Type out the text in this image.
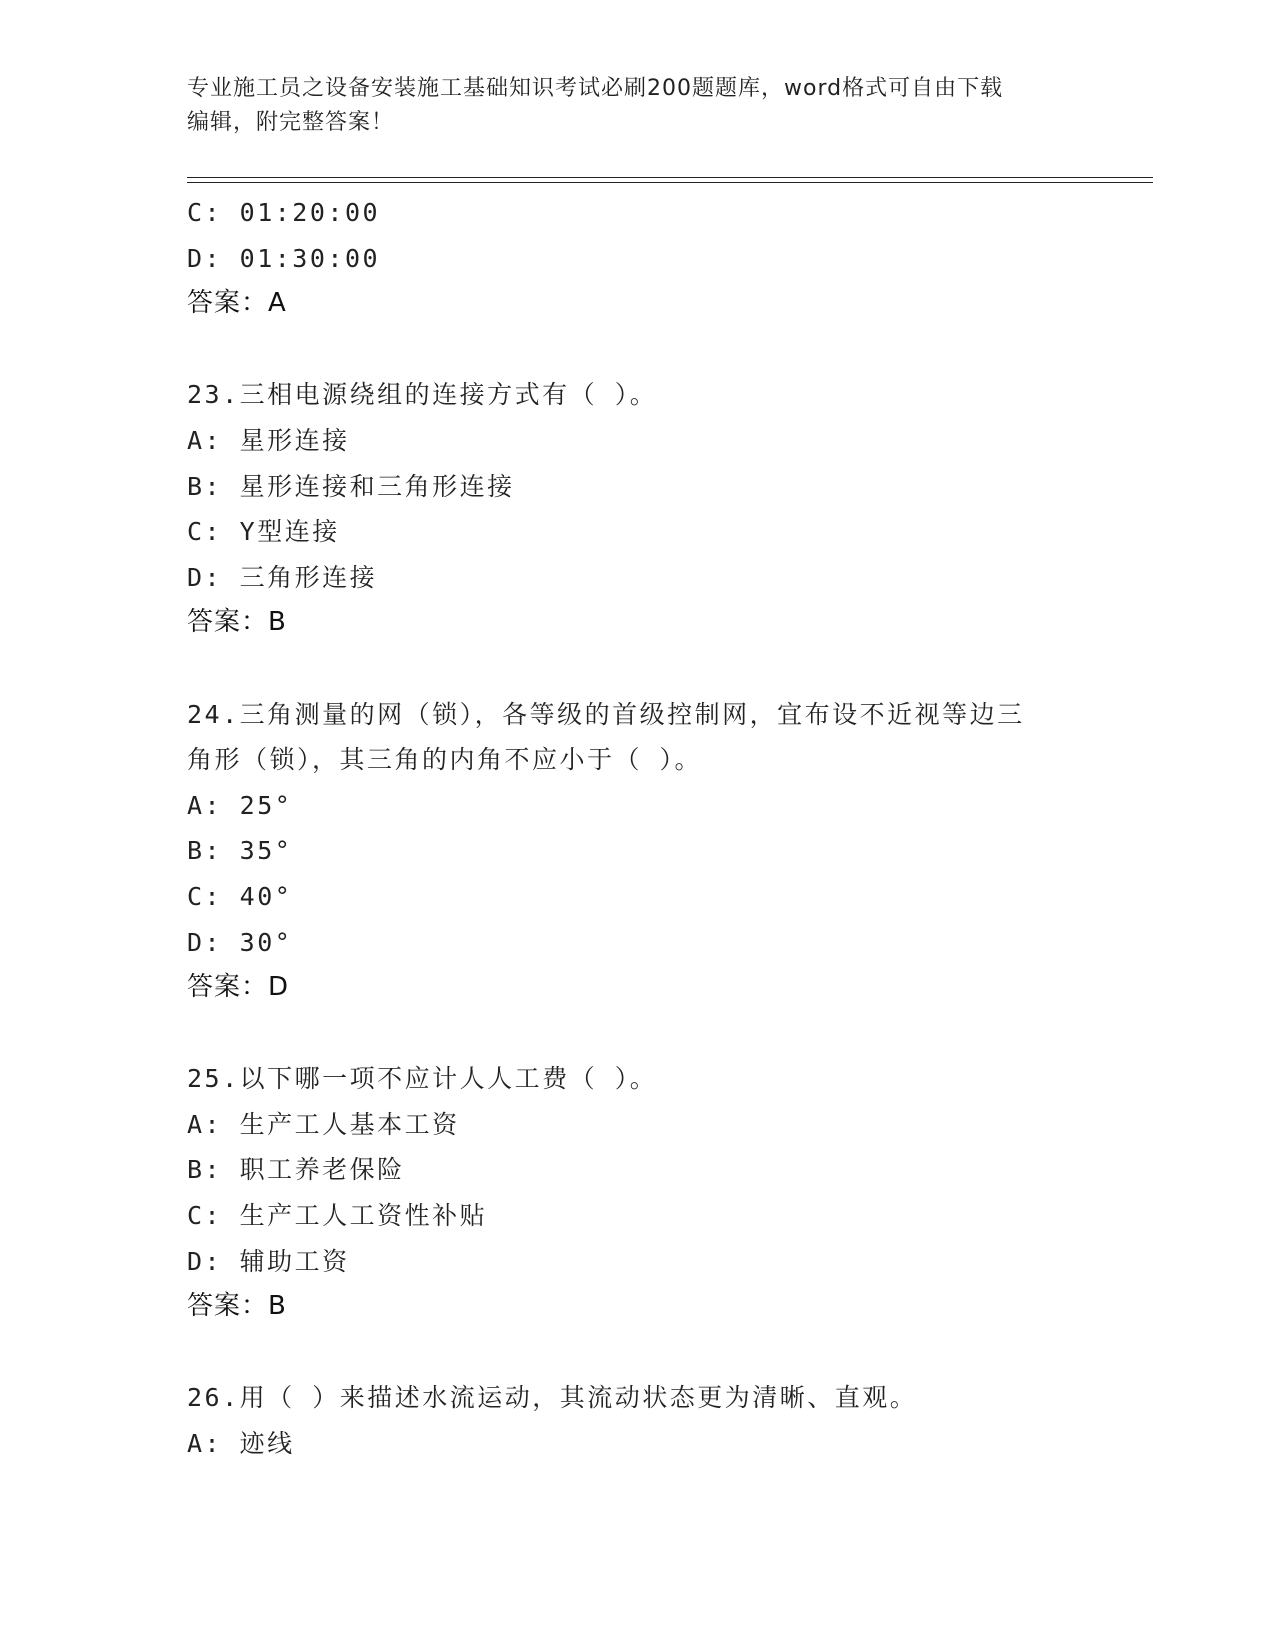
专业施工员之设备安装施工基础知识考试必刷200题题库，word格式可自由下载

编辑，附完整答案！

C: 01:20:00
D: 01:30:00
答案：A
23.三相电源绕组的连接方式有（ ）。
A: 星形连接
B: 星形连接和三角形连接
C: Y型连接
D: 三角形连接
答案：B
24.三角测量的网（锁），各等级的首级控制网，宜布设不近视等边三
角形（锁），其三角的内角不应小于（ ）。
A: 25°
B: 35°
C: 40°
D: 30°
答案：D
25.以下哪一项不应计人人工费（ ）。
A: 生产工人基本工资
B: 职工养老保险
C: 生产工人工资性补贴
D: 辅助工资
答案：B
26.用（ ）来描述水流运动，其流动状态更为清晰、直观。
A: 迹线
